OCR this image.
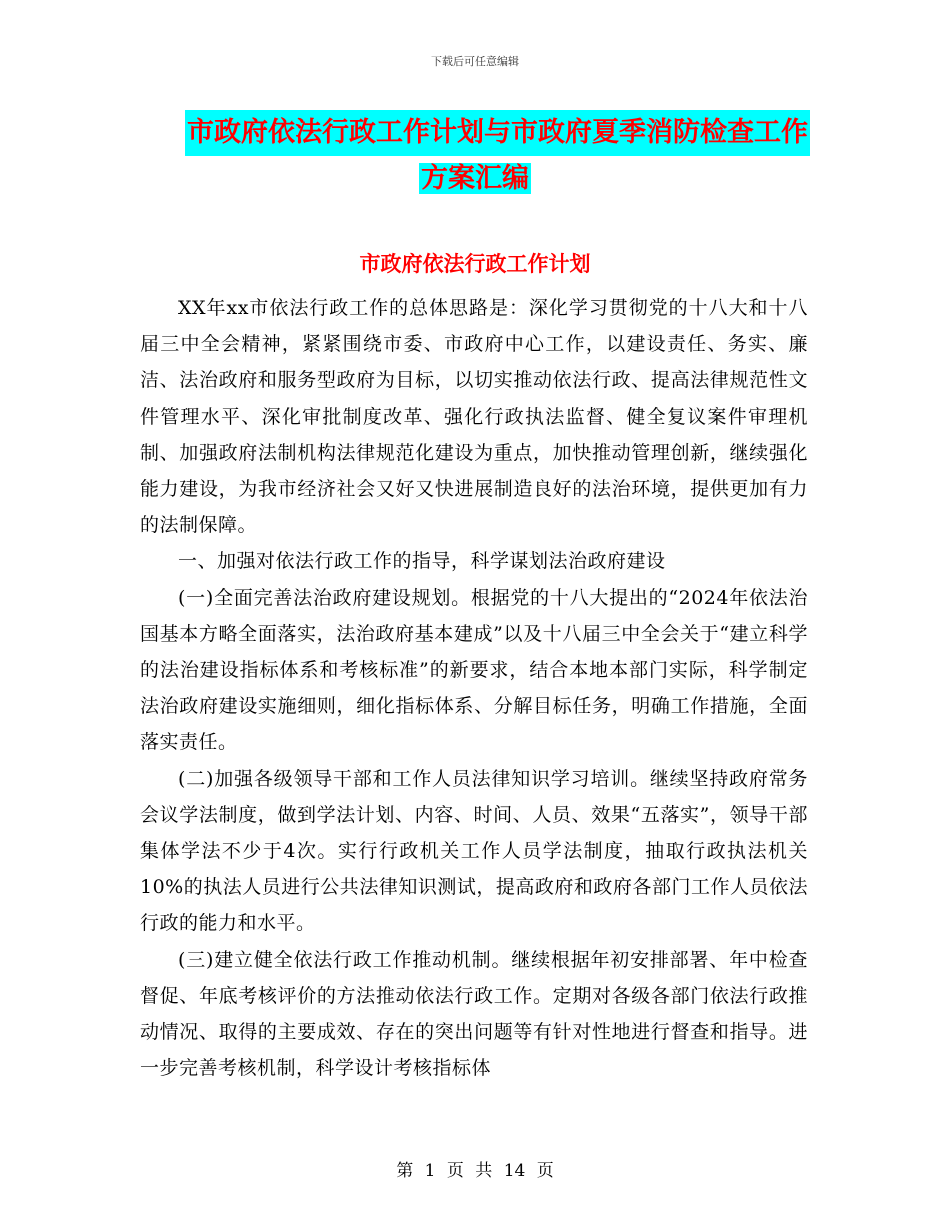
下载后可任意编辑
市政府依法行政工作计划与市政府夏季消防检查工作
方案汇编
市政府依法行政工作计划

XX年xx市依法行政工作的总体思路是：深化学习贯彻党的十八大和十八届三中全会精神，紧紧围绕市委、市政府中心工作，以建设责任、务实、廉洁、法治政府和服务型政府为目标，以切实推动依法行政、提高法律规范性文件管理水平、深化审批制度改革、强化行政执法监督、健全复议案件审理机制、加强政府法制机构法律规范化建设为重点，加快推动管理创新，继续强化能力建设，为我市经济社会又好又快进展制造良好的法治环境，提供更加有力的法制保障。

一、加强对依法行政工作的指导，科学谋划法治政府建设

(一)全面完善法治政府建设规划。根据党的十八大提出的“2024年依法治国基本方略全面落实，法治政府基本建成”以及十八届三中全会关于“建立科学的法治建设指标体系和考核标准”的新要求，结合本地本部门实际，科学制定法治政府建设实施细则，细化指标体系、分解目标任务，明确工作措施，全面落实责任。

(二)加强各级领导干部和工作人员法律知识学习培训。继续坚持政府常务会议学法制度，做到学法计划、内容、时间、人员、效果“五落实”，领导干部集体学法不少于4次。实行行政机关工作人员学法制度，抽取行政执法机关10%的执法人员进行公共法律知识测试，提高政府和政府各部门工作人员依法行政的能力和水平。

(三)建立健全依法行政工作推动机制。继续根据年初安排部署、年中检查督促、年底考核评价的方法推动依法行政工作。定期对各级各部门依法行政推动情况、取得的主要成效、存在的突出问题等有针对性地进行督查和指导。进一步完善考核机制，科学设计考核指标体

第 1 页 共 14 页
